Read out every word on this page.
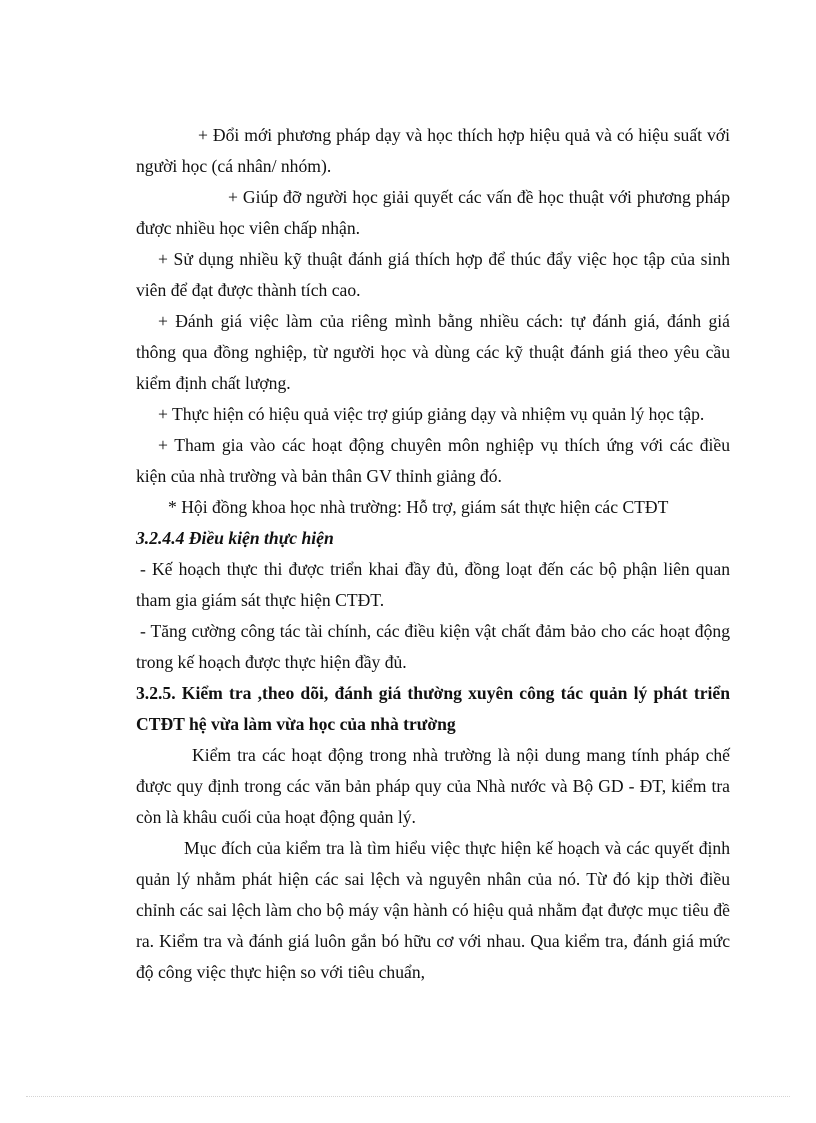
+ Đổi mới phương pháp dạy và học thích hợp hiệu quả và có hiệu suất với người học (cá nhân/ nhóm).

+ Giúp đỡ người học giải quyết các vấn đề học thuật với phương pháp được nhiều học viên chấp nhận.

+ Sử dụng nhiều kỹ thuật đánh giá thích hợp để thúc đẩy việc học tập của sinh viên để đạt được thành tích cao.

+ Đánh giá việc làm của riêng mình bằng nhiều cách: tự đánh giá, đánh giá thông qua đồng nghiệp, từ người học và dùng các kỹ thuật đánh giá theo yêu cầu kiểm định chất lượng.

+ Thực hiện có hiệu quả việc trợ giúp giảng dạy và nhiệm vụ quản lý học tập.

+ Tham gia vào các hoạt động chuyên môn nghiệp vụ thích ứng với các điều kiện của nhà trường và bản thân GV thỉnh giảng đó.

* Hội đồng khoa học nhà trường: Hỗ trợ, giám sát thực hiện các CTĐT

3.2.4.4 Điều kiện thực hiện

- Kế hoạch thực thi được triển khai đầy đủ, đồng loạt đến các bộ phận liên quan tham gia giám sát thực hiện CTĐT.

- Tăng cường công tác tài chính, các điều kiện vật chất đảm bảo cho các hoạt động trong kế hoạch được thực hiện đầy đủ.

3.2.5. Kiểm tra ,theo dõi, đánh giá thường xuyên công tác quản lý phát triển CTĐT hệ vừa làm vừa học của nhà trường

Kiểm tra các hoạt động trong nhà trường là nội dung mang tính pháp chế được quy định trong các văn bản pháp quy của Nhà nước và Bộ GD - ĐT, kiểm tra còn là khâu cuối của hoạt động quản lý.

Mục đích của kiểm tra là tìm hiểu việc thực hiện kế hoạch và các quyết định quản lý nhằm phát hiện các sai lệch và nguyên nhân của nó. Từ đó kịp thời điều chỉnh các sai lệch làm cho bộ máy vận hành có hiệu quả nhằm đạt được mục tiêu đề ra. Kiểm tra và đánh giá luôn gắn bó hữu cơ với nhau. Qua kiểm tra, đánh giá mức độ công việc thực hiện so với tiêu chuẩn,
